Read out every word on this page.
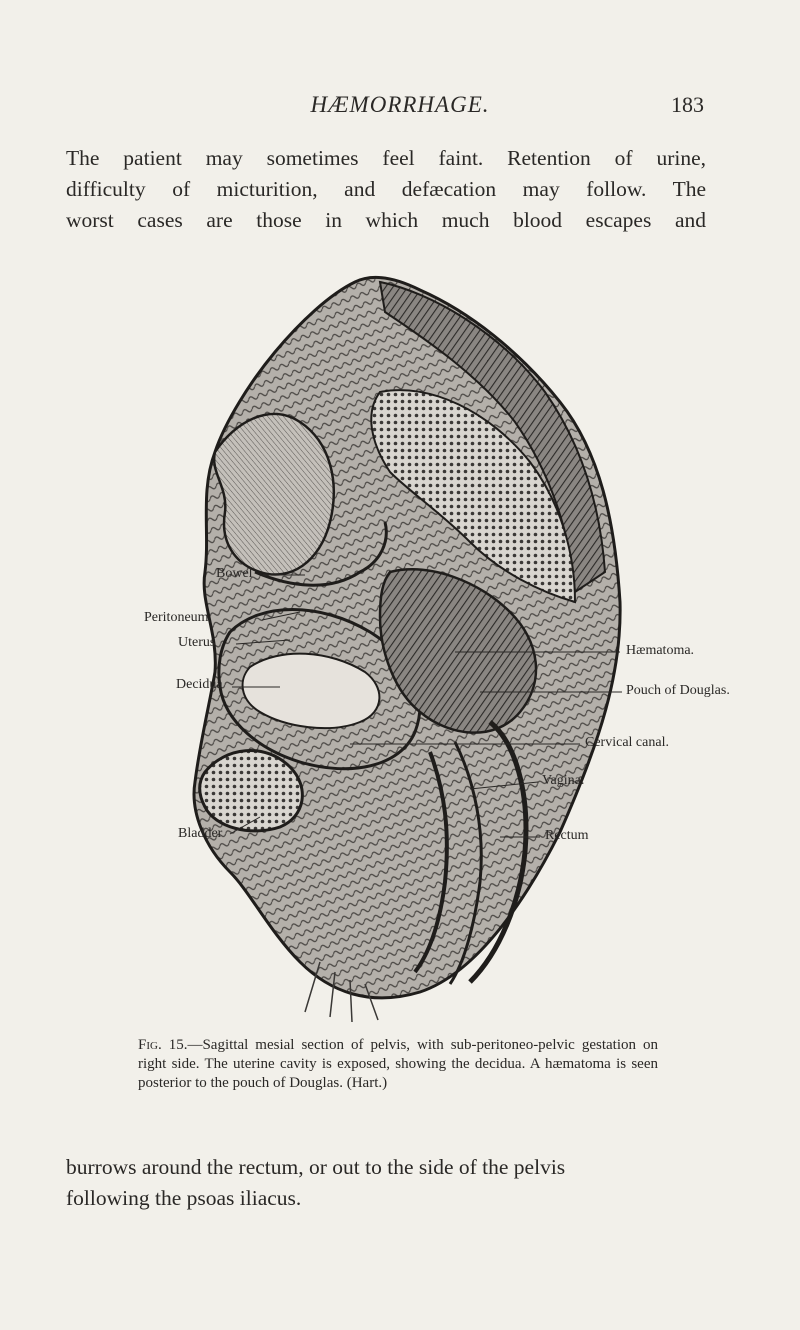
HÆMORRHAGE.	183

The patient may sometimes feel faint. Retention of urine,
difficulty of micturition, and defæcation may follow. The
worst cases are those in which much blood escapes and

Bowel
Peritoneum
Uterus
Decidua
Bladder
Hæmatoma.
Pouch of Douglas.
Cervical canal.
Vagina.
Rectum

Fig. 15.—Sagittal mesial section of pelvis, with sub-peritoneo-pelvic gestation on right side. The uterine cavity is exposed, showing the decidua. A hæmatoma is seen posterior to the pouch of Douglas. (Hart.)

burrows around the rectum, or out to the side of the pelvis
following the psoas iliacus.
